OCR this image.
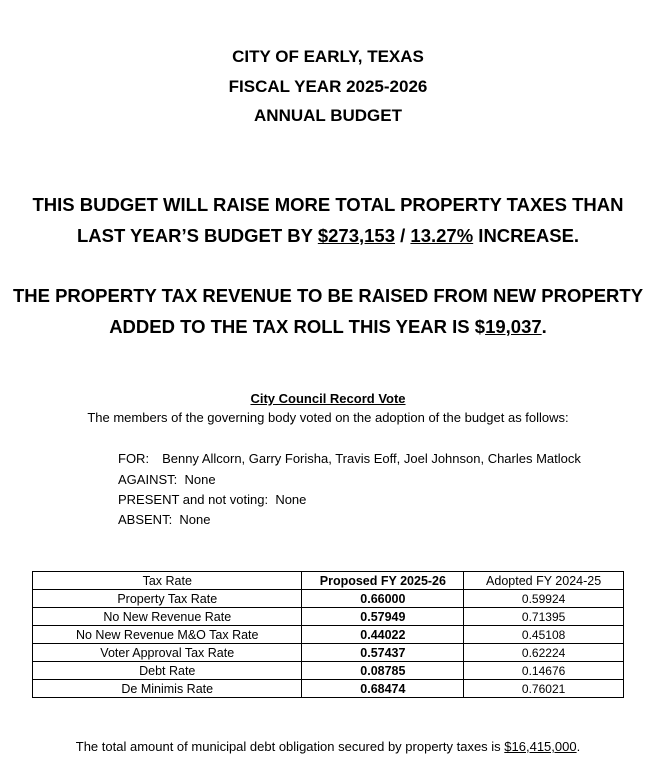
CITY OF EARLY, TEXAS
FISCAL YEAR 2025-2026
ANNUAL BUDGET
THIS BUDGET WILL RAISE MORE TOTAL PROPERTY TAXES THAN
LAST YEAR’S BUDGET BY $273,153 / 13.27% INCREASE.
THE PROPERTY TAX REVENUE TO BE RAISED FROM NEW PROPERTY
ADDED TO THE TAX ROLL THIS YEAR IS $19,037.
City Council Record Vote
The members of the governing body voted on the adoption of the budget as follows:
FOR: Benny Allcorn, Garry Forisha, Travis Eoff, Joel Johnson, Charles Matlock
AGAINST: None
PRESENT and not voting: None
ABSENT: None
Tax Rate	Proposed FY 2025-26	Adopted FY 2024-25
Property Tax Rate	0.66000	0.59924
No New Revenue Rate	0.57949	0.71395
No New Revenue M&O Tax Rate	0.44022	0.45108
Voter Approval Tax Rate	0.57437	0.62224
Debt Rate	0.08785	0.14676
De Minimis Rate	0.68474	0.76021
The total amount of municipal debt obligation secured by property taxes is $16,415,000.
